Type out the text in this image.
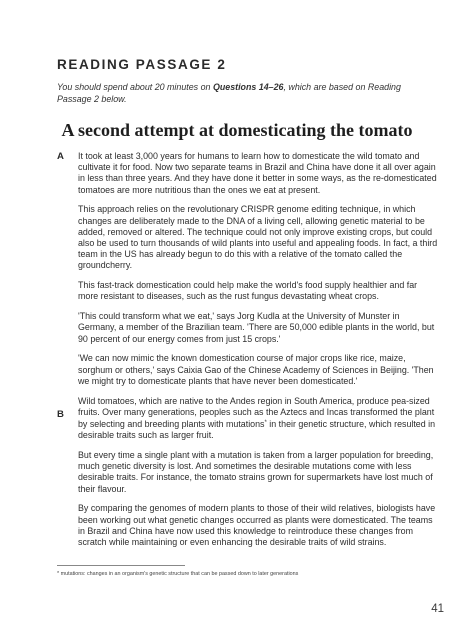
READING PASSAGE 2
You should spend about 20 minutes on Questions 14–26, which are based on Reading Passage 2 below.
A second attempt at domesticating the tomato
A
B

It took at least 3,000 years for humans to learn how to domesticate the wild tomato and cultivate it for food. Now two separate teams in Brazil and China have done it all over again in less than three years. And they have done it better in some ways, as the re-domesticated tomatoes are more nutritious than the ones we eat at present.

This approach relies on the revolutionary CRISPR genome editing technique, in which changes are deliberately made to the DNA of a living cell, allowing genetic material to be added, removed or altered. The technique could not only improve existing crops, but could also be used to turn thousands of wild plants into useful and appealing foods. In fact, a third team in the US has already begun to do this with a relative of the tomato called the groundcherry.

This fast-track domestication could help make the world's food supply healthier and far more resistant to diseases, such as the rust fungus devastating wheat crops.

'This could transform what we eat,' says Jorg Kudla at the University of Munster in Germany, a member of the Brazilian team. 'There are 50,000 edible plants in the world, but 90 percent of our energy comes from just 15 crops.'

'We can now mimic the known domestication course of major crops like rice, maize, sorghum or others,' says Caixia Gao of the Chinese Academy of Sciences in Beijing. 'Then we might try to domesticate plants that have never been domesticated.'

Wild tomatoes, which are native to the Andes region in South America, produce pea-sized fruits. Over many generations, peoples such as the Aztecs and Incas transformed the plant by selecting and breeding plants with mutations* in their genetic structure, which resulted in desirable traits such as larger fruit.

But every time a single plant with a mutation is taken from a larger population for breeding, much genetic diversity is lost. And sometimes the desirable mutations come with less desirable traits. For instance, the tomato strains grown for supermarkets have lost much of their flavour.

By comparing the genomes of modern plants to those of their wild relatives, biologists have been working out what genetic changes occurred as plants were domesticated. The teams in Brazil and China have now used this knowledge to reintroduce these changes from scratch while maintaining or even enhancing the desirable traits of wild strains.

* mutations: changes in an organism's genetic structure that can be passed down to later generations
41
